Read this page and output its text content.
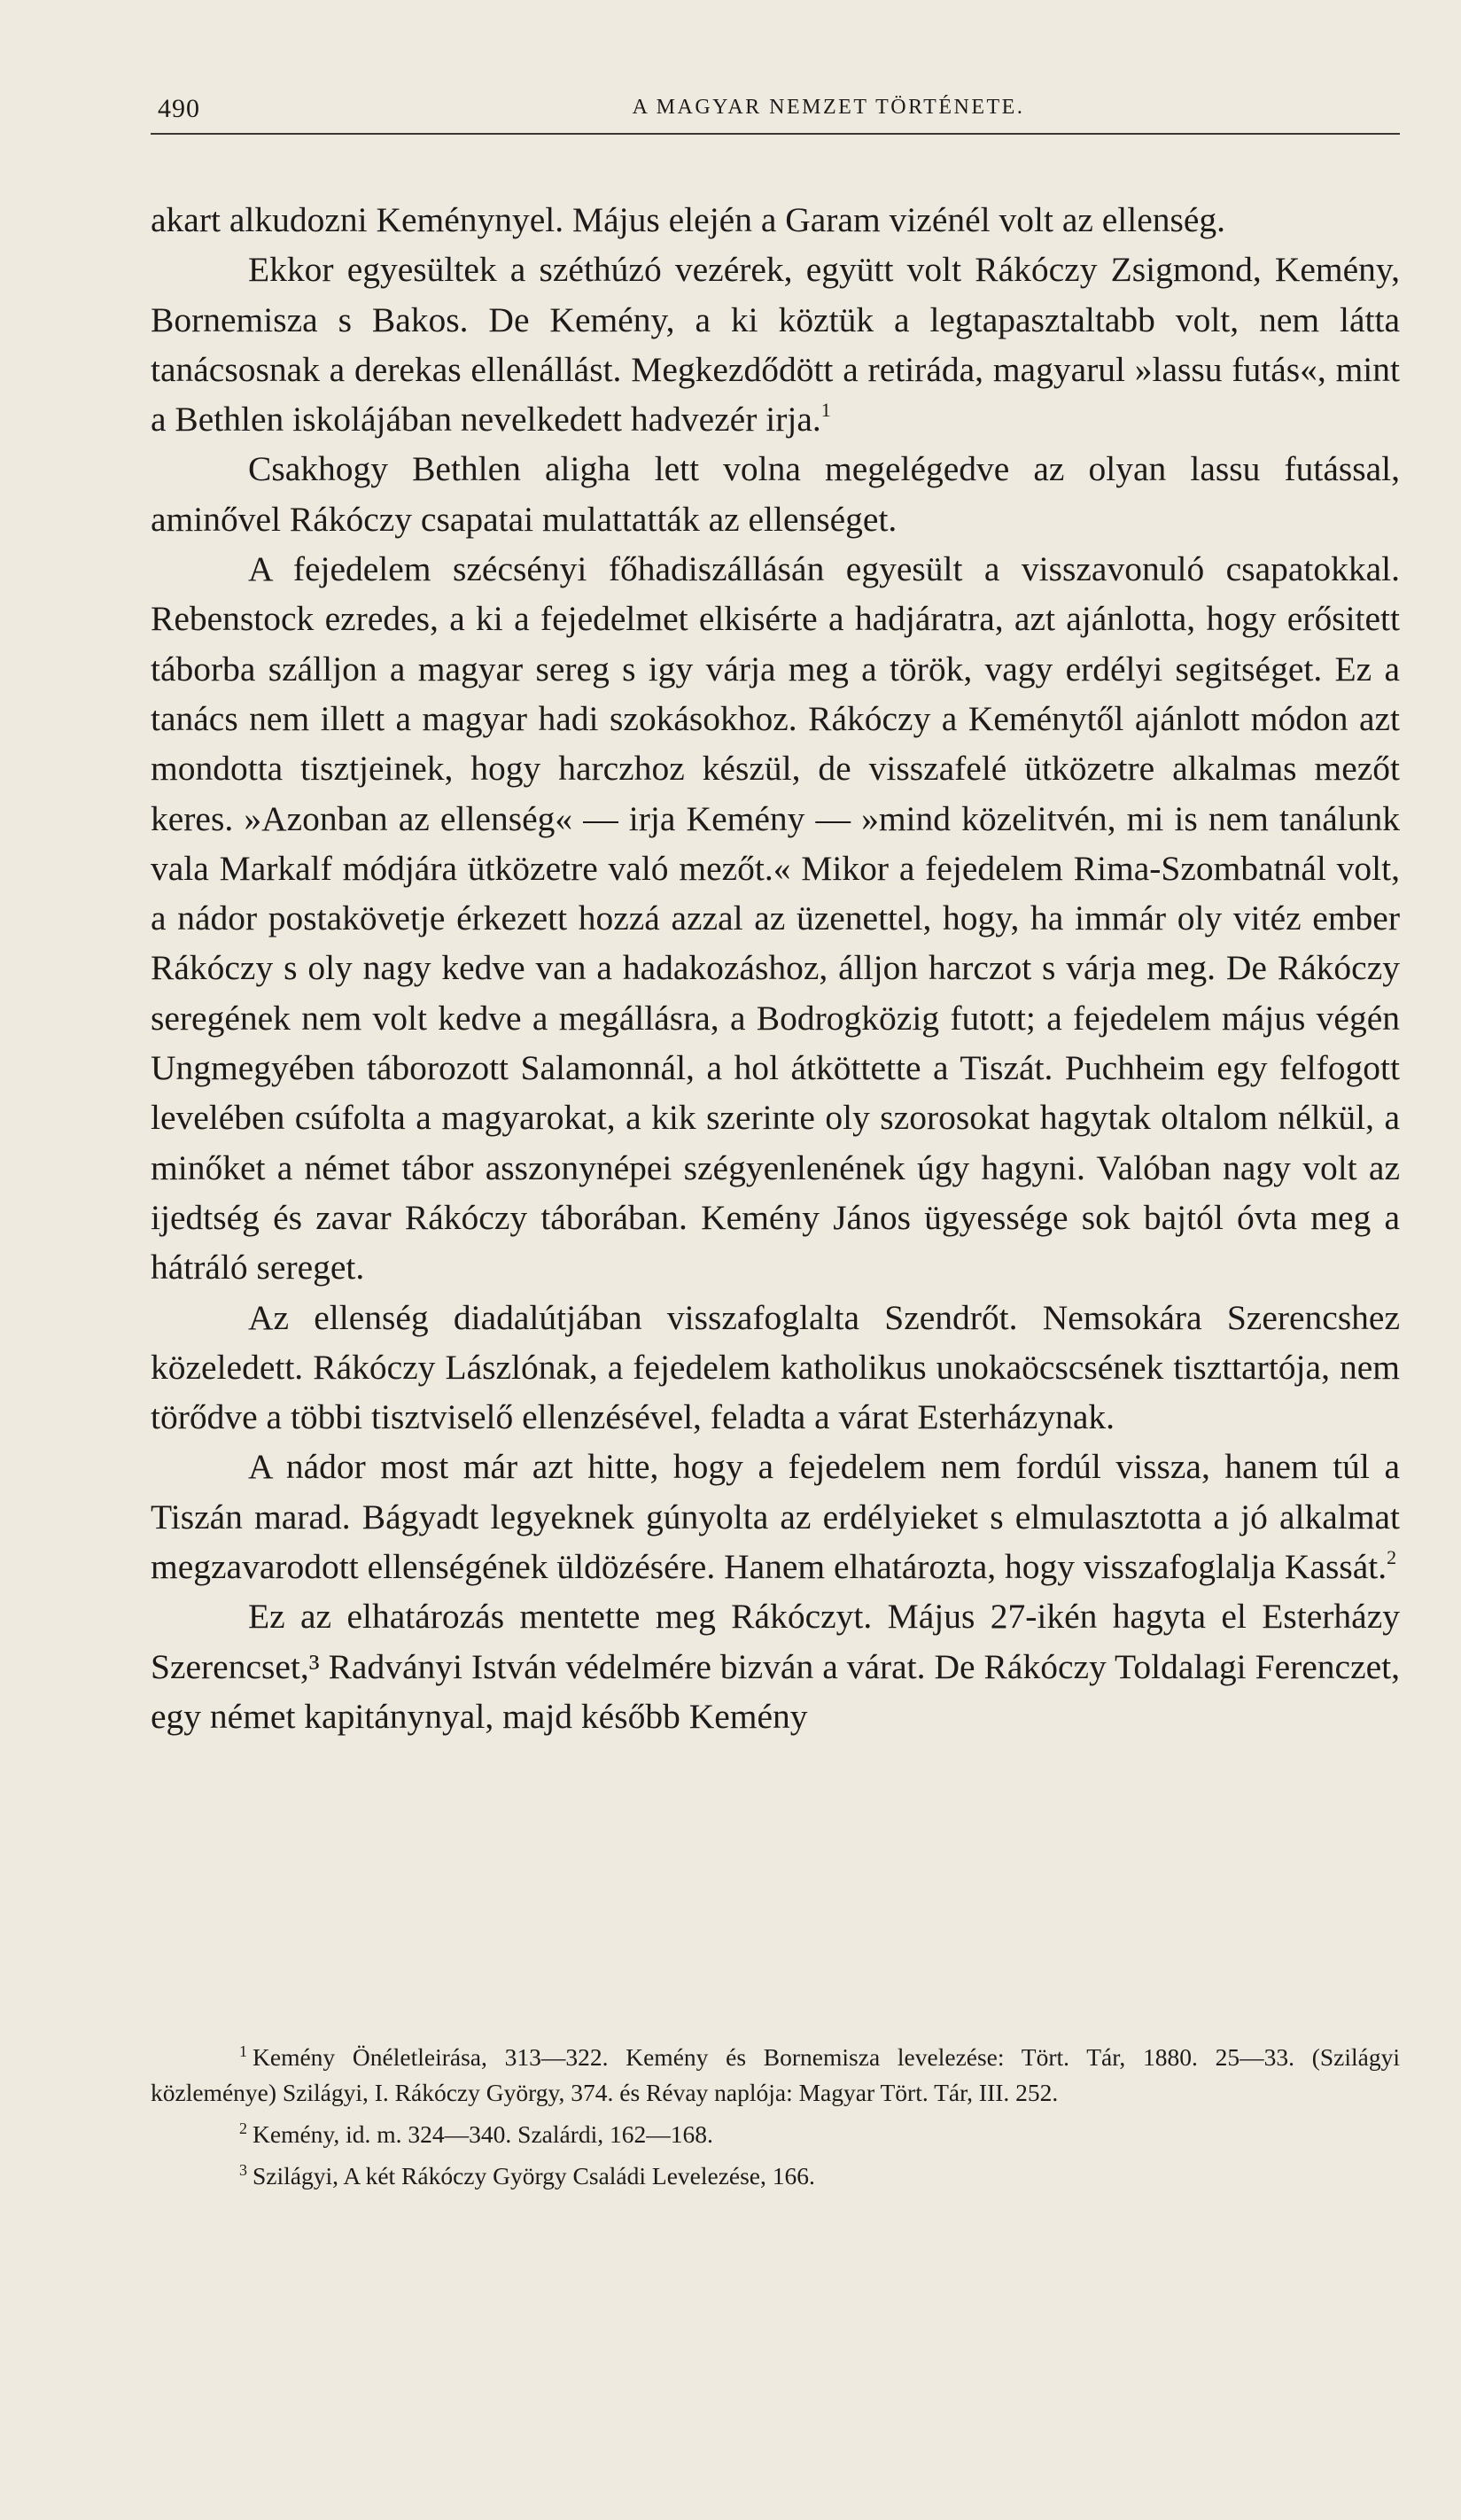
490	A MAGYAR NEMZET TÖRTÉNETE.

akart alkudozni Keménynyel. Május elején a Garam vizénél volt az ellenség.

Ekkor egyesültek a széthúzó vezérek, együtt volt Rákóczy Zsigmond, Kemény, Bornemisza s Bakos. De Kemény, a ki köztük a legtapasztaltabb volt, nem látta tanácsosnak a derekas ellenállást. Megkezdődött a retiráda, magyarul »lassu futás«, mint a Bethlen iskolájában nevelkedett hadvezér irja.$^1$

Csakhogy Bethlen aligha lett volna megelégedve az olyan lassu futással, aminővel Rákóczy csapatai mulattatták az ellenséget.

A fejedelem szécsényi főhadiszállásán egyesült a visszavonuló csapatokkal. Rebenstock ezredes, a ki a fejedelmet elkisérte a hadjáratra, azt ajánlotta, hogy erősitett táborba szálljon a magyar sereg s igy várja meg a török, vagy erdélyi segitséget. Ez a tanács nem illett a magyar hadi szokásokhoz. Rákóczy a Keménytől ajánlott módon azt mondotta tisztjeinek, hogy harczhoz készül, de visszafelé ütközetre alkalmas mezőt keres. »Azonban az ellenség« — irja Kemény — »mind közelitvén, mi is nem tanálunk vala Markalf módjára ütközetre való mezőt.« Mikor a fejedelem Rima-Szombatnál volt, a nádor postakövetje érkezett hozzá azzal az üzenettel, hogy, ha immár oly vitéz ember Rákóczy s oly nagy kedve van a hadakozáshoz, álljon harczot s várja meg. De Rákóczy seregének nem volt kedve a megállásra, a Bodrogközig futott; a fejedelem május végén Ungmegyében táborozott Salamonnál, a hol átköttette a Tiszát. Puchheim egy felfogott levelében csúfolta a magyarokat, a kik szerinte oly szorosokat hagytak oltalom nélkül, a minőket a német tábor asszonynépei szégyenlenének úgy hagyni. Valóban nagy volt az ijedtség és zavar Rákóczy táborában. Kemény János ügyessége sok bajtól óvta meg a hátráló sereget.

Az ellenség diadalútjában visszafoglalta Szendrőt. Nemsokára Szerencshez közeledett. Rákóczy Lászlónak, a fejedelem katholikus unokaöcscsének tiszttartója, nem törődve a többi tisztviselő ellenzésével, feladta a várat Esterházynak.

A nádor most már azt hitte, hogy a fejedelem nem fordúl vissza, hanem túl a Tiszán marad. Bágyadt legyeknek gúnyolta az erdélyieket s elmulasztotta a jó alkalmat megzavarodott ellenségének üldözésére. Hanem elhatározta, hogy visszafoglalja Kassát.$^2$

Ez az elhatározás mentette meg Rákóczyt. Május 27-ikén hagyta el Esterházy Szerencset,³ Radványi István védelmére bizván a várat. De Rákóczy Toldalagi Ferenczet, egy német kapitánynyal, majd később Kemény

$^1$ Kemény Önéletleirása, 313—322. Kemény és Bornemisza levelezése: Tört. Tár, 1880. 25—33. (Szilágyi közleménye) Szilágyi, I. Rákóczy György, 374. és Révay naplója: Magyar Tört. Tár, III. 252.

$^2$ Kemény, id. m. 324—340. Szalárdi, 162—168.

$^3$ Szilágyi, A két Rákóczy György Családi Levelezése, 166.
